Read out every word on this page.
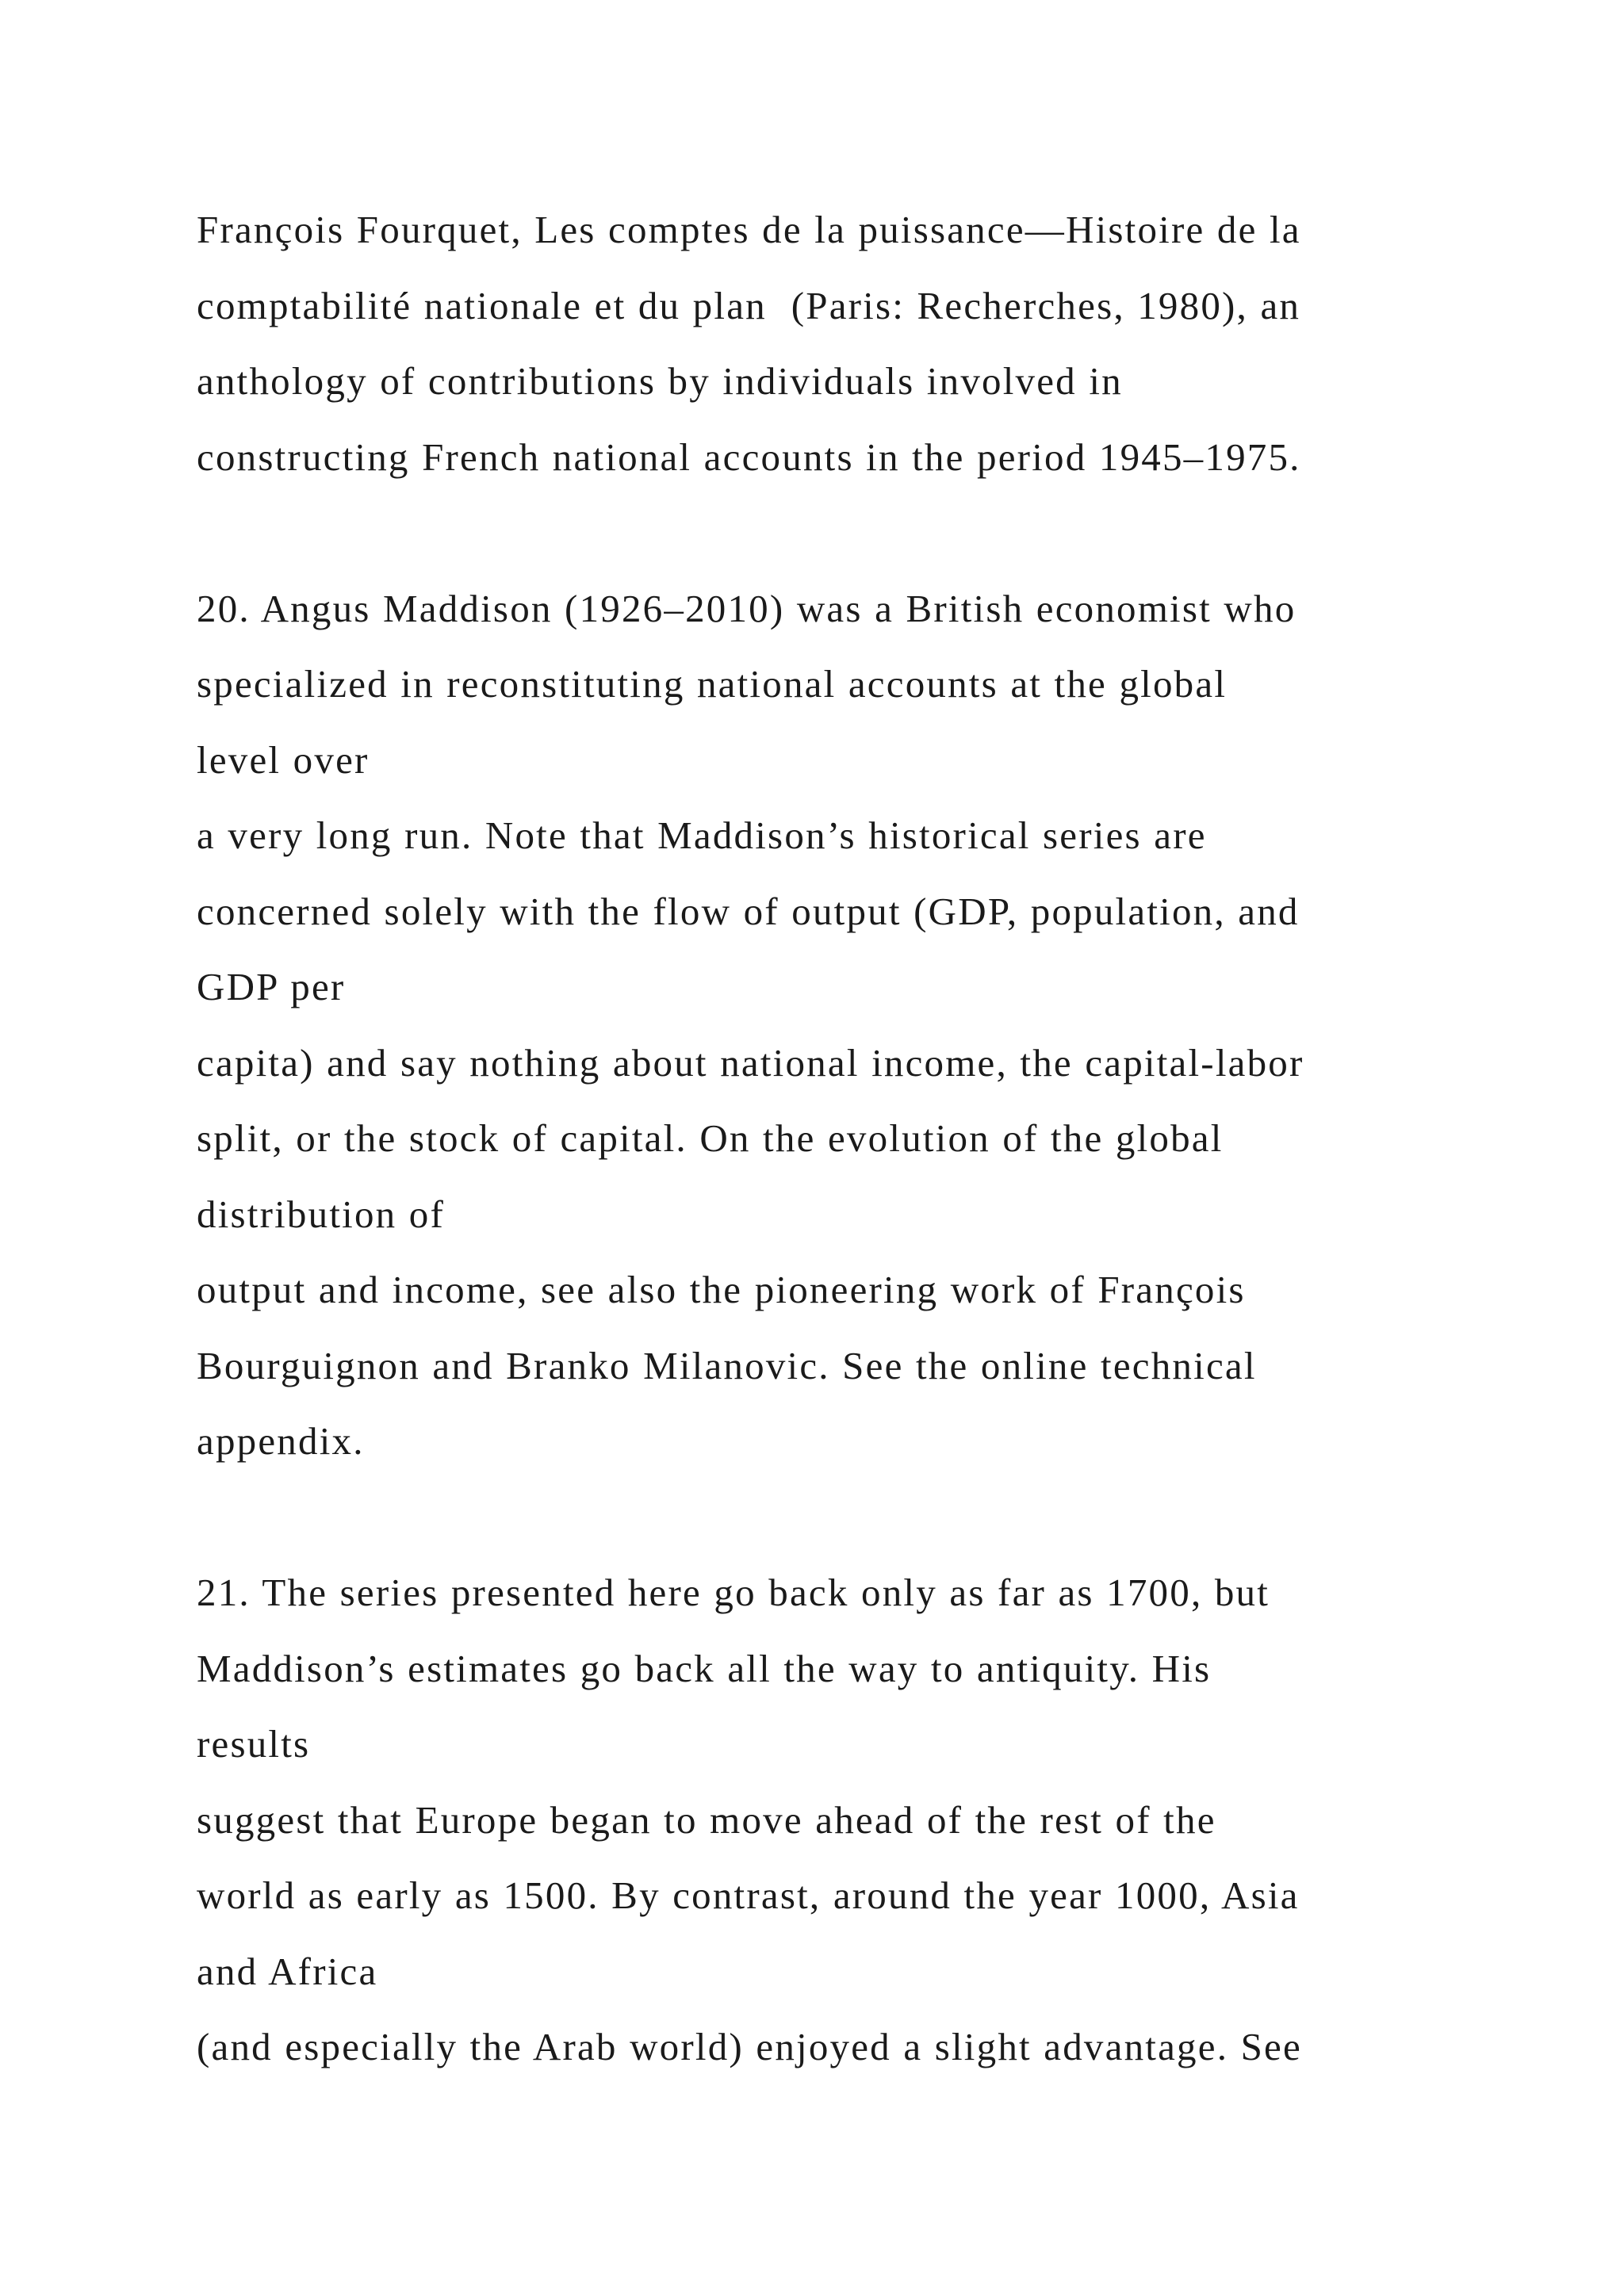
François Fourquet, Les comptes de la puissance—Histoire de la
comptabilité nationale et du plan  (Paris: Recherches, 1980), an
anthology of contributions by individuals involved in
constructing French national accounts in the period 1945–1975.
20. Angus Maddison (1926–2010) was a British economist who
specialized in reconstituting national accounts at the global
level over
a very long run. Note that Maddison’s historical series are
concerned solely with the flow of output (GDP, population, and
GDP per
capita) and say nothing about national income, the capital-labor
split, or the stock of capital. On the evolution of the global
distribution of
output and income, see also the pioneering work of François
Bourguignon and Branko Milanovic. See the online technical
appendix.
21. The series presented here go back only as far as 1700, but
Maddison’s estimates go back all the way to antiquity. His
results
suggest that Europe began to move ahead of the rest of the
world as early as 1500. By contrast, around the year 1000, Asia
and Africa
(and especially the Arab world) enjoyed a slight advantage. See
